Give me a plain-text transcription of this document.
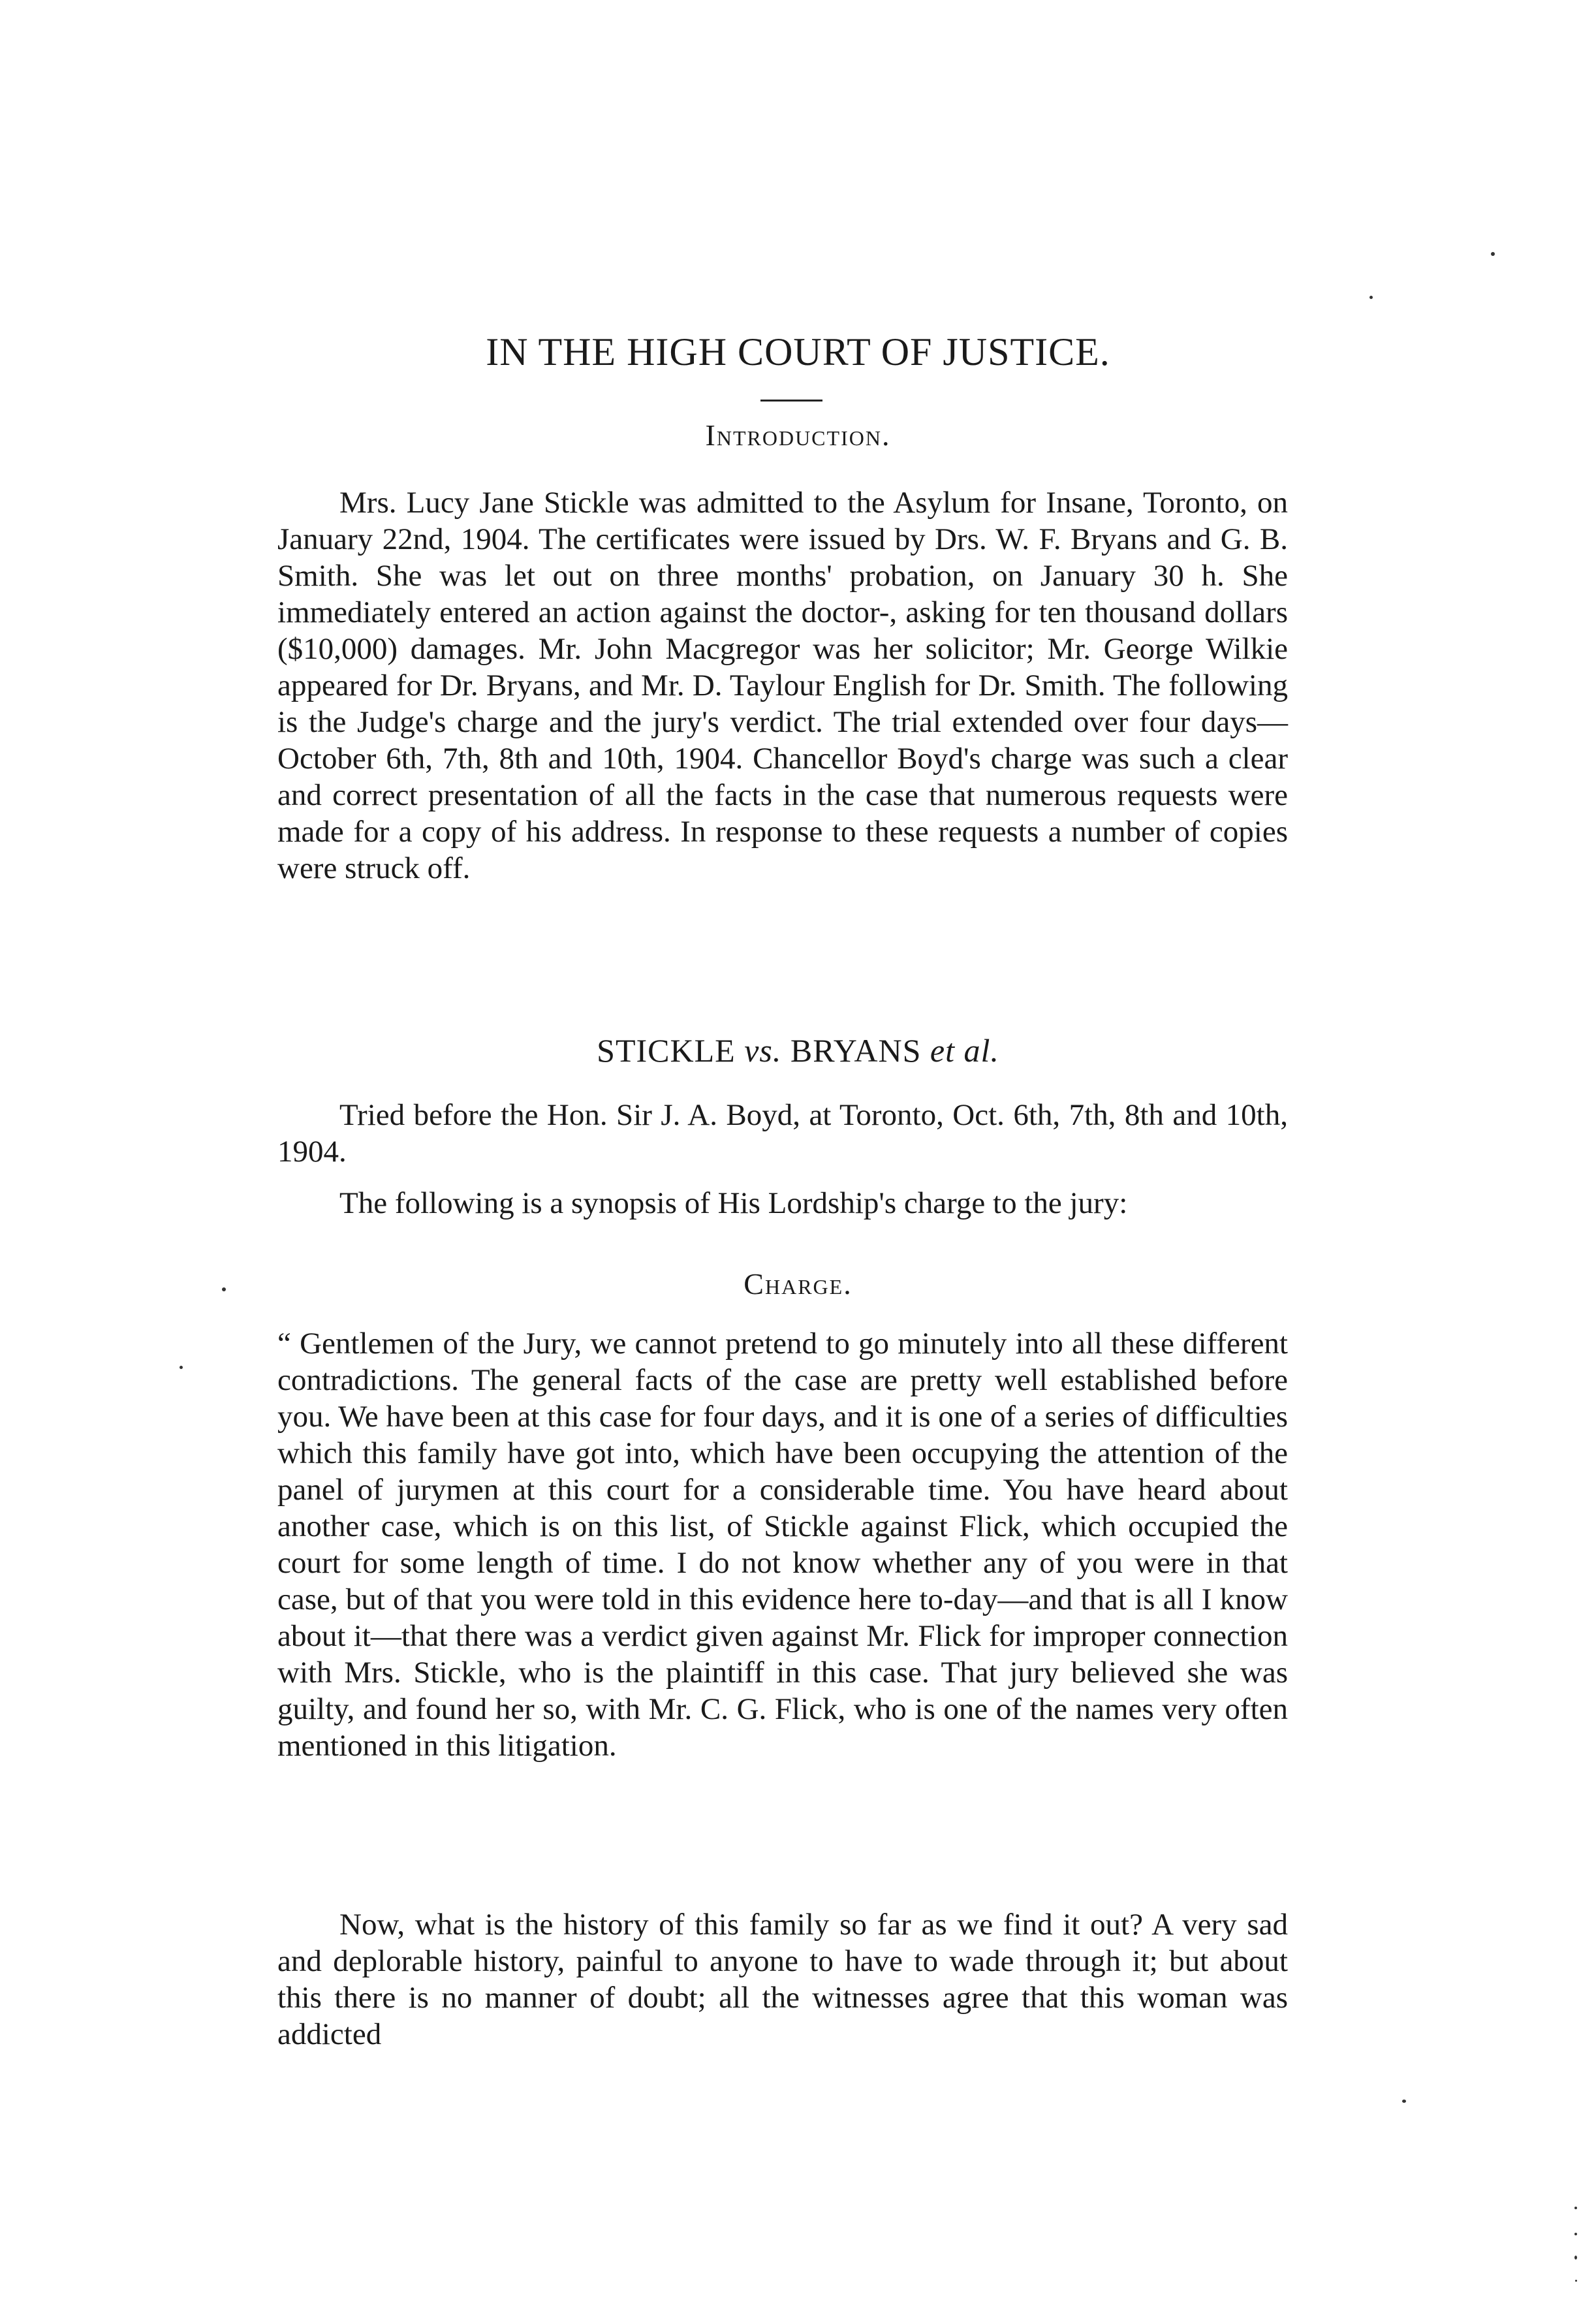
IN THE HIGH COURT OF JUSTICE.
Introduction.

Mrs. Lucy Jane Stickle was admitted to the Asylum for Insane, Toronto, on January 22nd, 1904. The certificates were issued by Drs. W. F. Bryans and G. B. Smith. She was let out on three months' probation, on January 30 h. She immediately entered an action against the doctor-, asking for ten thousand dollars ($10,000) damages. Mr. John Macgregor was her solicitor; Mr. George Wilkie appeared for Dr. Bryans, and Mr. D. Taylour English for Dr. Smith. The following is the Judge's charge and the jury's verdict. The trial extended over four days—October 6th, 7th, 8th and 10th, 1904. Chancellor Boyd's charge was such a clear and correct presentation of all the facts in the case that numerous requests were made for a copy of his address. In response to these requests a number of copies were struck off.

STICKLE vs. BRYANS et al.

Tried before the Hon. Sir J. A. Boyd, at Toronto, Oct. 6th, 7th, 8th and 10th, 1904.

The following is a synopsis of His Lordship's charge to the jury:

Charge.

“ Gentlemen of the Jury, we cannot pretend to go minutely into all these different contradictions. The general facts of the case are pretty well established before you. We have been at this case for four days, and it is one of a series of difficulties which this family have got into, which have been occupying the attention of the panel of jurymen at this court for a considerable time. You have heard about another case, which is on this list, of Stickle against Flick, which occupied the court for some length of time. I do not know whether any of you were in that case, but of that you were told in this evidence here to-day—and that is all I know about it—that there was a verdict given against Mr. Flick for improper connection with Mrs. Stickle, who is the plaintiff in this case. That jury believed she was guilty, and found her so, with Mr. C. G. Flick, who is one of the names very often mentioned in this litigation.

Now, what is the history of this family so far as we find it out? A very sad and deplorable history, painful to anyone to have to wade through it; but about this there is no manner of doubt; all the witnesses agree that this woman was addicted
